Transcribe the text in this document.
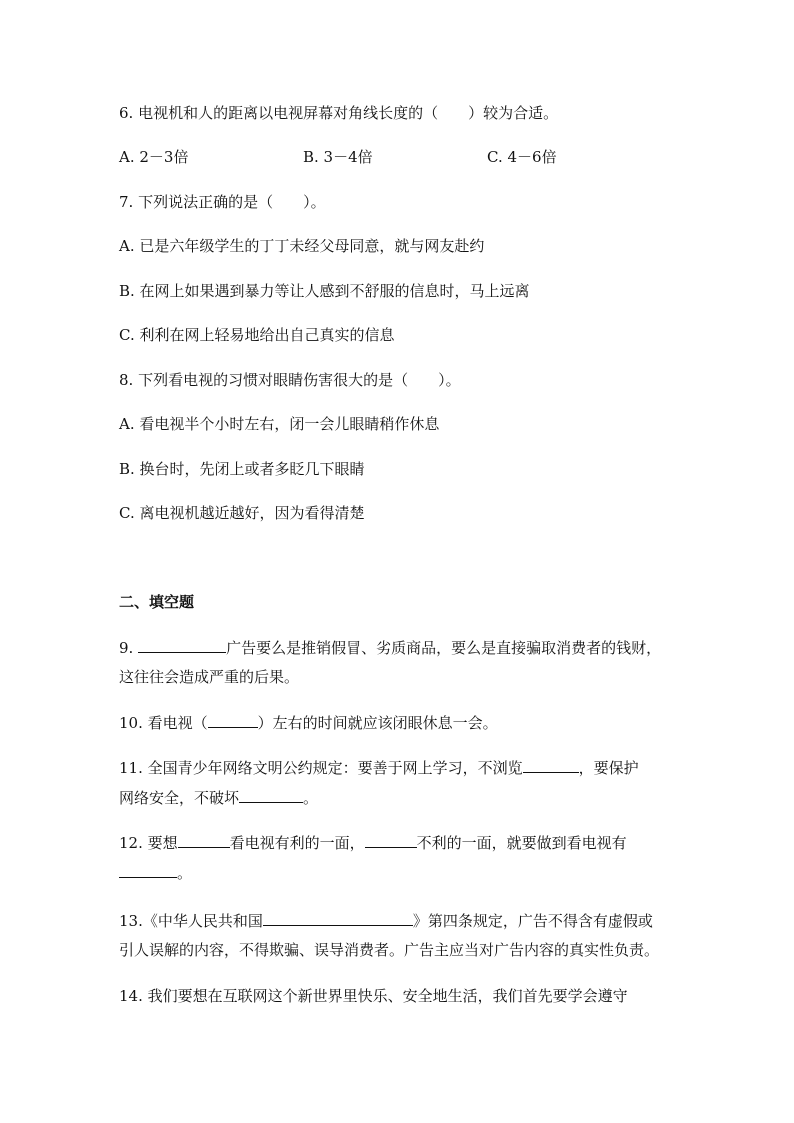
6. 电视机和人的距离以电视屏幕对角线长度的（　　）较为合适。
A. 2－3倍	B. 3－4倍	C. 4－6倍
7. 下列说法正确的是（　　）。
A. 已是六年级学生的丁丁未经父母同意，就与网友赴约
B. 在网上如果遇到暴力等让人感到不舒服的信息时，马上远离
C. 利利在网上轻易地给出自己真实的信息
8. 下列看电视的习惯对眼睛伤害很大的是（　　）。
A. 看电视半个小时左右，闭一会儿眼睛稍作休息
B. 换台时，先闭上或者多眨几下眼睛
C. 离电视机越近越好，因为看得清楚
二、填空题
9.	广告要么是推销假冒、劣质商品，要么是直接骗取消费者的钱财，
这往往会造成严重的后果。
10. 看电视（	）左右的时间就应该闭眼休息一会。
11. 全国青少年网络文明公约规定：要善于网上学习，不浏览	，要保护
网络安全，不破坏	。
12. 要想	看电视有利的一面，	不利的一面，就要做到看电视有
。
13.《中华人民共和国	》第四条规定，广告不得含有虚假或
引人误解的内容，不得欺骗、误导消费者。广告主应当对广告内容的真实性负责。
14. 我们要想在互联网这个新世界里快乐、安全地生活，我们首先要学会遵守
